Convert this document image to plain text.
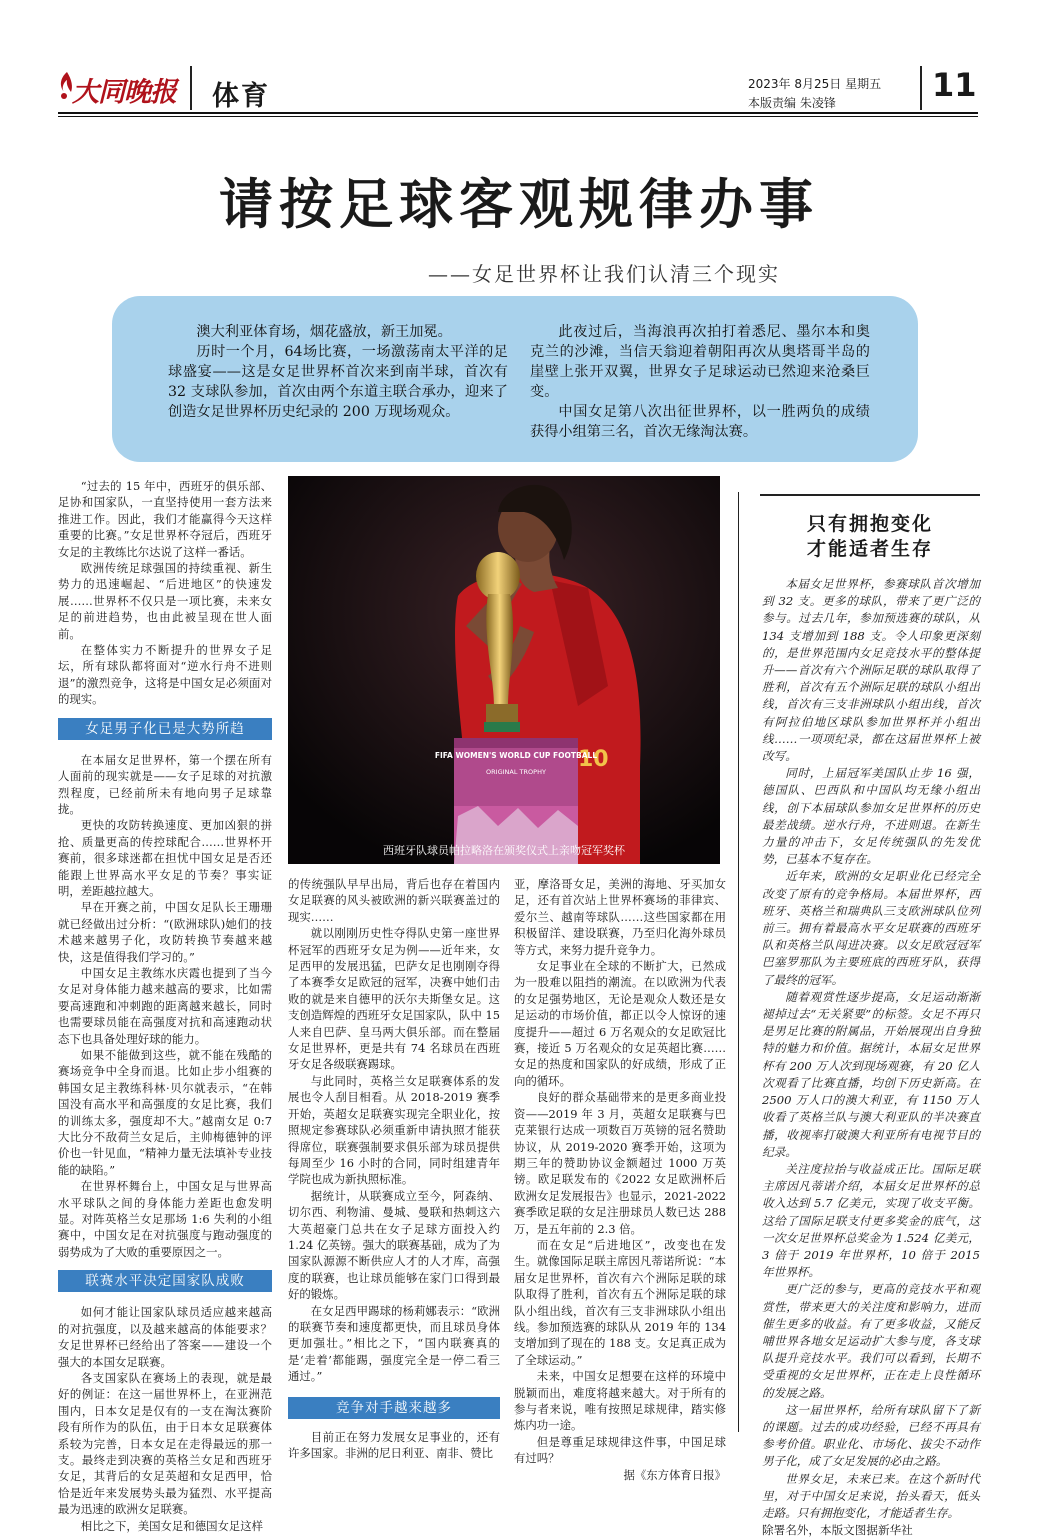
大同晚报 体育	2023年 8月25日 星期五
本版责编 朱凌锋	11
请按足球客观规律办事
——女足世界杯让我们认清三个现实

澳大利亚体育场，烟花盛放，新王加冕。

历时一个月，64场比赛，一场激荡南太平洋的足球盛宴——这是女足世界杯首次来到南半球，首次有 32 支球队参加，首次由两个东道主联合承办，迎来了创造女足世界杯历史纪录的 200 万现场观众。

此夜过后，当海浪再次拍打着悉尼、墨尔本和奥克兰的沙滩，当信天翁迎着朝阳再次从奥塔哥半岛的崖壁上张开双翼，世界女子足球运动已然迎来沧桑巨变。

中国女足第八次出征世界杯，以一胜两负的成绩获得小组第三名，首次无缘淘汰赛。

“过去的 15 年中，西班牙的俱乐部、足协和国家队，一直坚持使用一套方法来推进工作。因此，我们才能赢得今天这样重要的比赛。”女足世界杯夺冠后，西班牙女足的主教练比尔达说了这样一番话。

欧洲传统足球强国的持续重视、新生势力的迅速崛起、“后进地区”的快速发展……世界杯不仅只是一项比赛，未来女足的前进趋势，也由此被呈现在世人面前。

在整体实力不断提升的世界女子足坛，所有球队都将面对“逆水行舟不进则退”的激烈竞争，这将是中国女足必须面对的现实。

女足男子化已是大势所趋

在本届女足世界杯，第一个摆在所有人面前的现实就是——女子足球的对抗激烈程度，已经前所未有地向男子足球靠拢。

更快的攻防转换速度、更加凶狠的拼抢、质量更高的传控球配合……世界杯开赛前，很多球迷都在担忧中国女足是否还能跟上世界高水平女足的节奏？事实证明，差距越拉越大。

早在开赛之前，中国女足队长王珊珊就已经做出过分析：“(欧洲球队)她们的技术越来越男子化，攻防转换节奏越来越快，这是值得我们学习的。”

中国女足主教练水庆霞也提到了当今女足对身体能力越来越高的要求，比如需要高速跑和冲刺跑的距离越来越长，同时也需要球员能在高强度对抗和高速跑动状态下也具备处理好球的能力。

如果不能做到这些，就不能在残酷的赛场竞争中全身而退。比如止步小组赛的韩国女足主教练科林·贝尔就表示，“在韩国没有高水平和高强度的女足比赛，我们的训练太多，强度却不大。”越南女足 0:7 大比分不敌荷兰女足后，主帅梅德钟的评价也一针见血，“精神力量无法填补专业技能的缺陷。”

在世界杯舞台上，中国女足与世界高水平球队之间的身体能力差距也愈发明显。对阵英格兰女足那场 1:6 失利的小组赛中，中国女足在对抗强度与跑动强度的弱势成为了大败的重要原因之一。

联赛水平决定国家队成败

如何才能让国家队球员适应越来越高的对抗强度，以及越来越高的体能要求？女足世界杯已经给出了答案——建设一个强大的本国女足联赛。

各支国家队在赛场上的表现，就是最好的例证：在这一届世界杯上，在亚洲范围内，日本女足是仅有的一支在淘汰赛阶段有所作为的队伍，由于日本女足联赛体系较为完善，日本女足在走得最远的那一支。最终走到决赛的英格兰女足和西班牙女足，其背后的女足英超和女足西甲，恰恰是近年来发展势头最为猛烈、水平提高最为迅速的欧洲女足联赛。

相比之下，美国女足和德国女足这样

10
FIFA WOMEN'S WORLD CUP FOOTBALL
ORIGINAL TROPHY
西班牙队球员帕拉略洛在颁奖仪式上亲吻冠军奖杯

的传统强队早早出局，背后也存在着国内女足联赛的风头被欧洲的新兴联赛盖过的现实……

就以刚刚历史性夺得队史第一座世界杯冠军的西班牙女足为例——近年来，女足西甲的发展迅猛，巴萨女足也刚刚夺得了本赛季女足欧冠的冠军，决赛中她们击败的就是来自德甲的沃尔夫斯堡女足。这支创造辉煌的西班牙女足国家队，队中 15 人来自巴萨、皇马两大俱乐部。而在整届女足世界杯，更是共有 74 名球员在西班牙女足各级联赛踢球。

与此同时，英格兰女足联赛体系的发展也令人刮目相看。从 2018-2019 赛季开始，英超女足联赛实现完全职业化，按照规定参赛球队必须重新申请执照才能获得席位，联赛强制要求俱乐部为球员提供每周至少 16 小时的合同，同时组建青年学院也成为新执照标准。

据统计，从联赛成立至今，阿森纳、切尔西、利物浦、曼城、曼联和热刺这六大英超豪门总共在女子足球方面投入约 1.24 亿英镑。强大的联赛基础，成为了为国家队源源不断供应人才的人才库，高强度的联赛，也让球员能够在家门口得到最好的锻炼。

在女足西甲踢球的杨莉娜表示：“欧洲的联赛节奏和速度都更快，而且球员身体更加强壮。”相比之下，“国内联赛真的是‘走着’都能踢，强度完全是一停二看三通过。”

竞争对手越来越多

目前正在努力发展女足事业的，还有许多国家。非洲的尼日利亚、南非、赞比

亚，摩洛哥女足，美洲的海地、牙买加女足，还有首次站上世界杯赛场的菲律宾、爱尔兰、越南等球队……这些国家都在用积极留洋、建设联赛，乃至归化海外球员等方式，来努力提升竞争力。

女足事业在全球的不断扩大，已然成为一股难以阻挡的潮流。在以欧洲为代表的女足强势地区，无论是观众人数还是女足运动的市场价值，都正以令人惊讶的速度提升——超过 6 万名观众的女足欧冠比赛，接近 5 万名观众的女足英超比赛……女足的热度和国家队的好成绩，形成了正向的循环。

良好的群众基础带来的是更多商业投资——2019 年 3 月，英超女足联赛与巴克莱银行达成一项数百万英镑的冠名赞助协议，从 2019-2020 赛季开始，这项为期三年的赞助协议金额超过 1000 万英镑。欧足联发布的《2022 女足欧洲杯后欧洲女足发展报告》也显示，2021-2022 赛季欧足联的女足注册球员人数已达 288 万，是五年前的 2.3 倍。

而在女足“后进地区”，改变也在发生。就像国际足联主席因凡蒂诺所说：“本届女足世界杯，首次有六个洲际足联的球队取得了胜利，首次有五个洲际足联的球队小组出线，首次有三支非洲球队小组出线。参加预选赛的球队从 2019 年的 134 支增加到了现在的 188 支。女足真正成为了全球运动。”

未来，中国女足想要在这样的环境中脱颖而出，难度将越来越大。对于所有的参与者来说，唯有按照足球规律，踏实修炼内功一途。

但是尊重足球规律这件事，中国足球有过吗？

据《东方体育日报》

只有拥抱变化
才能适者生存

本届女足世界杯，参赛球队首次增加到 32 支。更多的球队，带来了更广泛的参与。过去几年，参加预选赛的球队，从 134 支增加到 188 支。令人印象更深刻的，是世界范围内女足竞技水平的整体提升——首次有六个洲际足联的球队取得了胜利，首次有五个洲际足联的球队小组出线，首次有三支非洲球队小组出线，首次有阿拉伯地区球队参加世界杯并小组出线……一项项纪录，都在这届世界杯上被改写。

同时，上届冠军美国队止步 16 强，德国队、巴西队和中国队均无缘小组出线，创下本届球队参加女足世界杯的历史最差战绩。逆水行舟，不进则退。在新生力量的冲击下，女足传统强队的先发优势，已基本不复存在。

近年来，欧洲的女足职业化已经完全改变了原有的竞争格局。本届世界杯，西班牙、英格兰和瑞典队三支欧洲球队位列前三。拥有着最高水平女足联赛的西班牙队和英格兰队闯进决赛。以女足欧冠冠军巴塞罗那队为主要班底的西班牙队，获得了最终的冠军。

随着观赏性逐步提高，女足运动渐渐褪掉过去“无关紧要”的标签。女足不再只是男足比赛的附属品，开始展现出自身独特的魅力和价值。据统计，本届女足世界杯有 200 万人次到现场观赛，有 20 亿人次观看了比赛直播，均创下历史新高。在 2500 万人口的澳大利亚，有 1150 万人收看了英格兰队与澳大利亚队的半决赛直播，收视率打破澳大利亚所有电视节目的纪录。

关注度拉抬与收益成正比。国际足联主席因凡蒂诺介绍，本届女足世界杯的总收入达到 5.7 亿美元，实现了收支平衡。这给了国际足联支付更多奖金的底气，这一次女足世界杯总奖金为 1.524 亿美元，3 倍于 2019 年世界杯，10 倍于 2015 年世界杯。

更广泛的参与，更高的竞技水平和观赏性，带来更大的关注度和影响力，进而催生更多的收益。有了更多收益，又能反哺世界各地女足运动扩大参与度，各支球队提升竞技水平。我们可以看到，长期不受重视的女足世界杯，正在走上良性循环的发展之路。

这一届世界杯，给所有球队留下了新的课题。过去的成功经验，已经不再具有参考价值。职业化、市场化、拔尖不动作男子化，成了女足发展的必由之路。

世界女足，未来已来。在这个新时代里，对于中国女足来说，抬头看天，低头走路。只有拥抱变化，才能适者生存。

除署名外，本版文图据新华社
